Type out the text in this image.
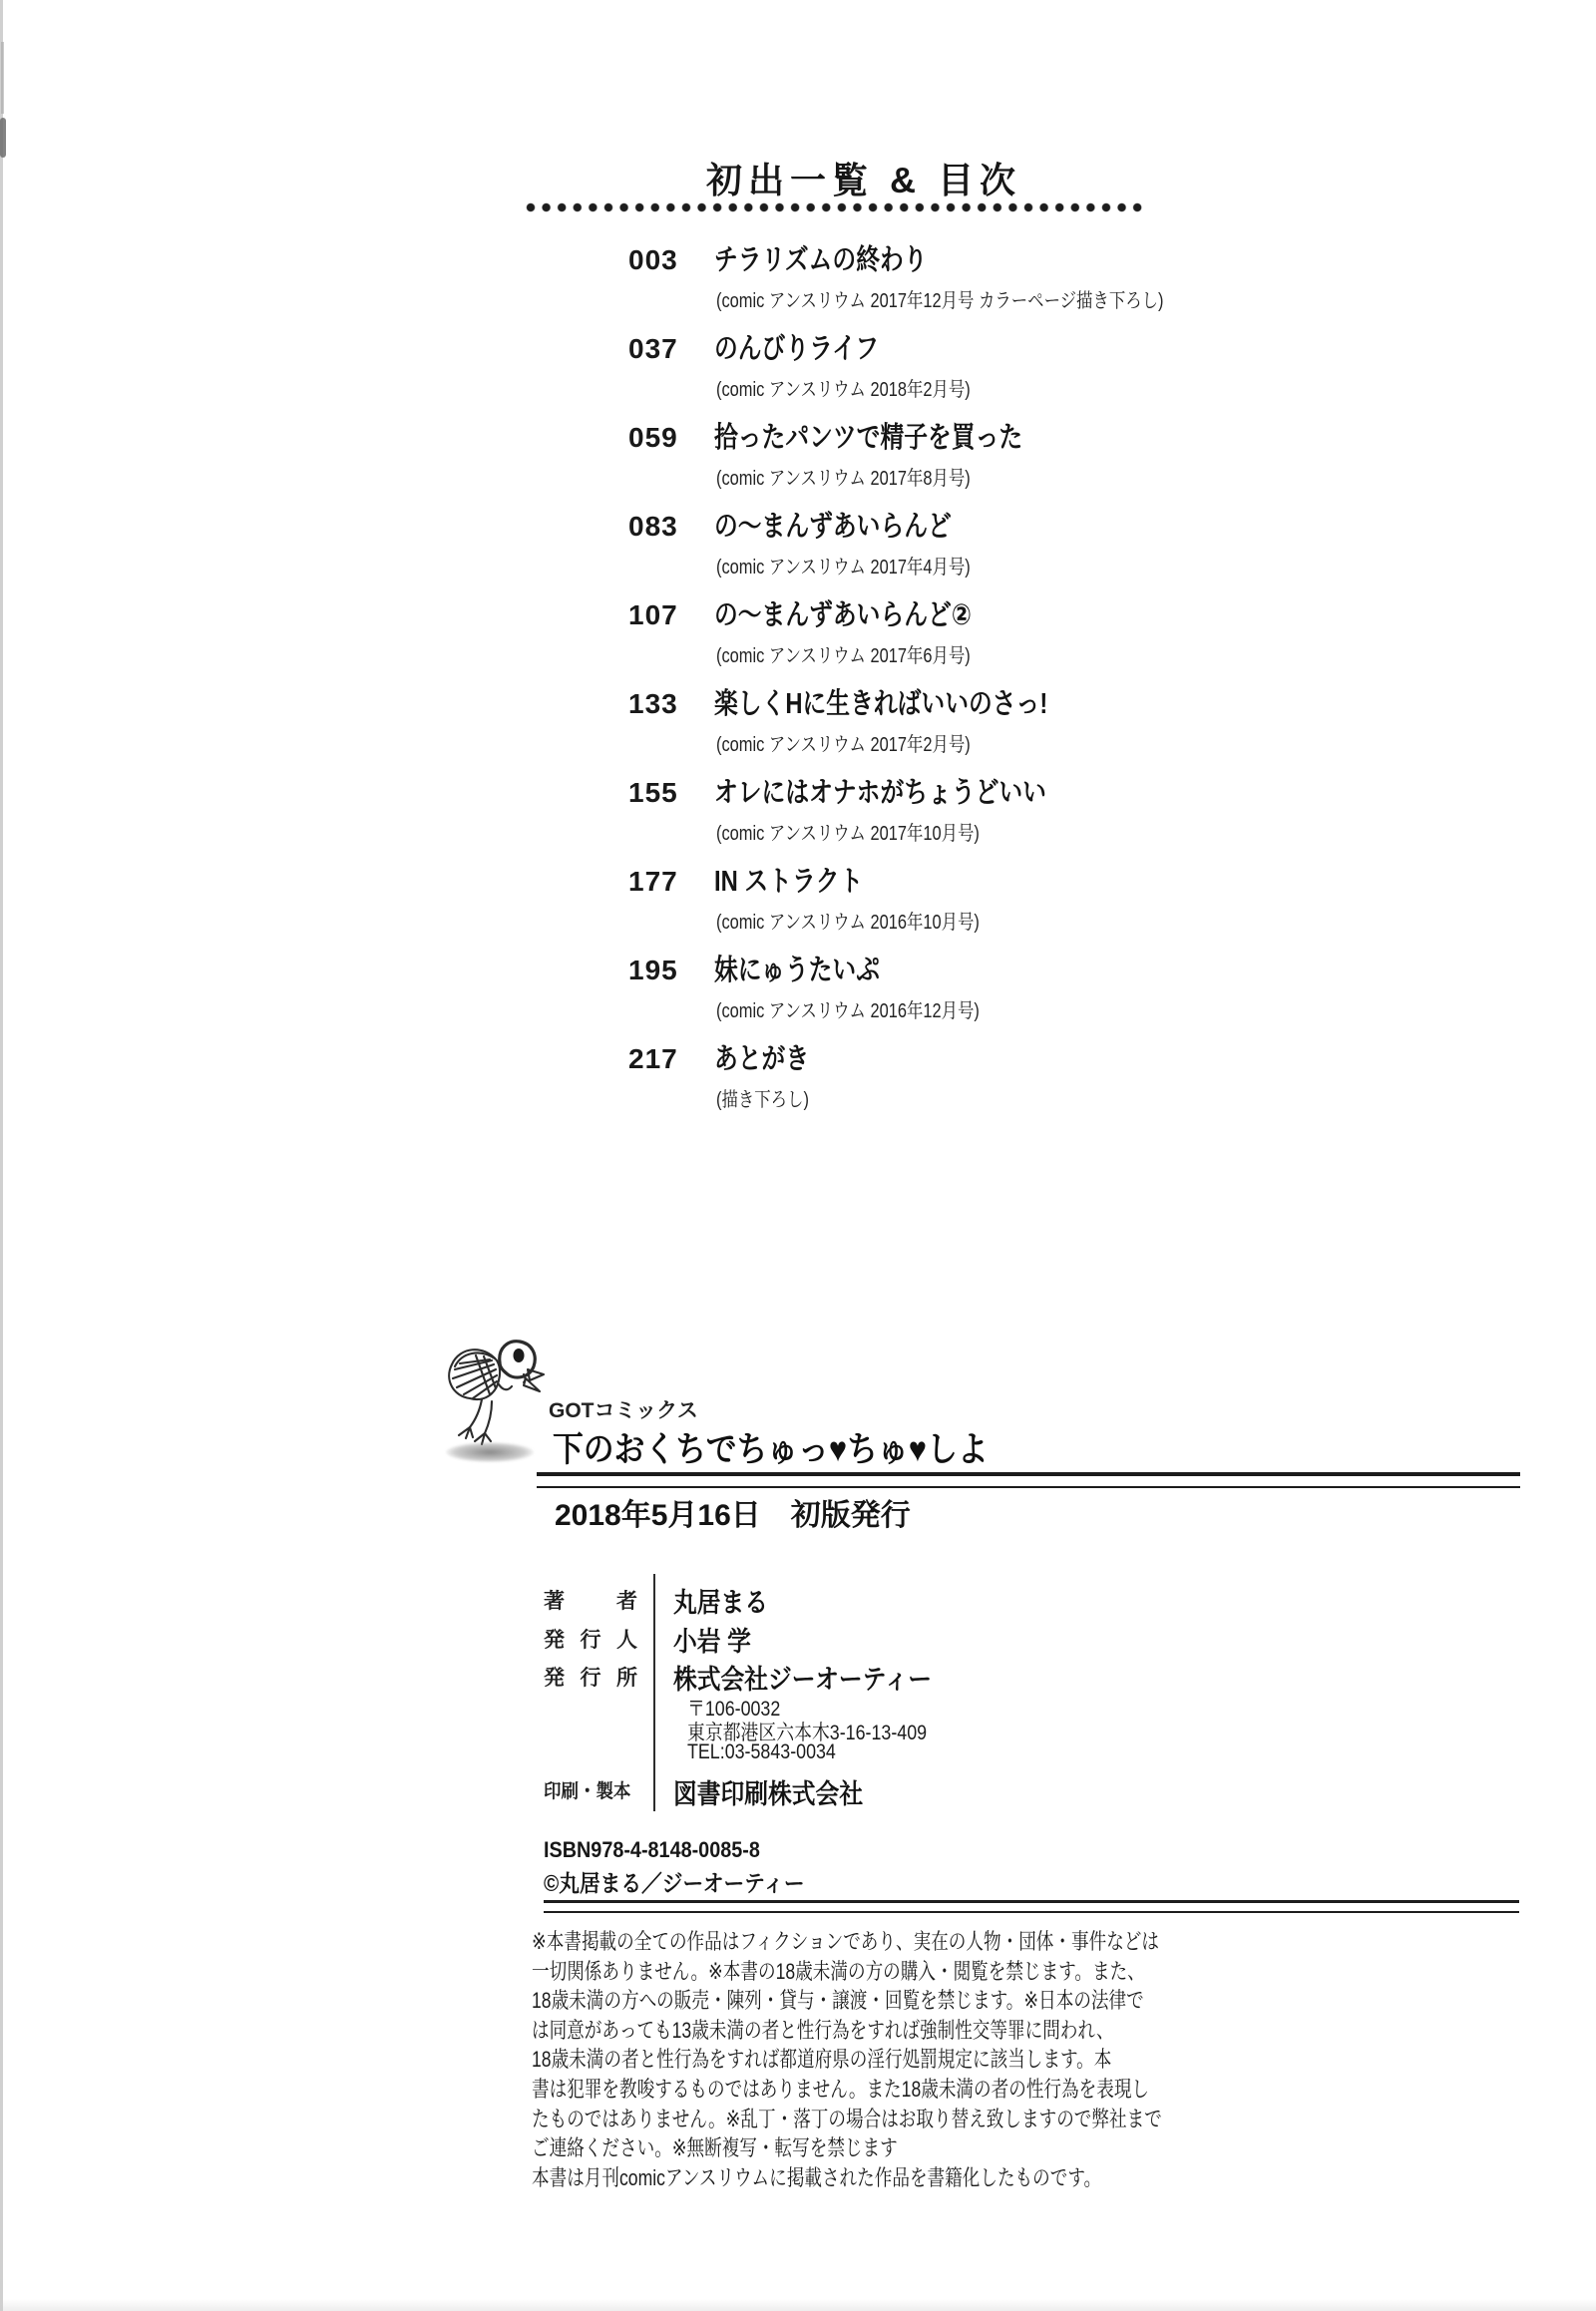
初出一覧 & 目次
003 チラリズムの終わり
(comic アンスリウム 2017年12月号 カラーページ描き下ろし)
037 のんびりライフ
(comic アンスリウム 2018年2月号)
059 拾ったパンツで精子を買った
(comic アンスリウム 2017年8月号)
083 の〜まんずあいらんど
(comic アンスリウム 2017年4月号)
107 の〜まんずあいらんど②
(comic アンスリウム 2017年6月号)
133 楽しくHに生きればいいのさっ!
(comic アンスリウム 2017年2月号)
155 オレにはオナホがちょうどいい
(comic アンスリウム 2017年10月号)
177 IN ストラクト
(comic アンスリウム 2016年10月号)
195 妹にゅうたいぷ
(comic アンスリウム 2016年12月号)
217 あとがき
(描き下ろし)
GOTコミックス
下のおくちでちゅっ♥ちゅ♥しよ
2018年5月16日　初版発行
著 者 丸居まる
発 行 人 小岩 学
発 行 所 株式会社ジーオーティー
〒106-0032
東京都港区六本木3-16-13-409
TEL:03-5843-0034
印刷・製本 図書印刷株式会社
ISBN978-4-8148-0085-8
©丸居まる／ジーオーティー
※本書掲載の全ての作品はフィクションであり、実在の人物・団体・事件などは
一切関係ありません。※本書の18歳未満の方の購入・閲覧を禁じます。また、
18歳未満の方への販売・陳列・貸与・譲渡・回覧を禁じます。※日本の法律で
は同意があっても13歳未満の者と性行為をすれば強制性交等罪に問われ、
18歳未満の者と性行為をすれば都道府県の淫行処罰規定に該当します。本
書は犯罪を教唆するものではありません。また18歳未満の者の性行為を表現し
たものではありません。※乱丁・落丁の場合はお取り替え致しますので弊社まで
ご連絡ください。※無断複写・転写を禁じます
本書は月刊comicアンスリウムに掲載された作品を書籍化したものです。
